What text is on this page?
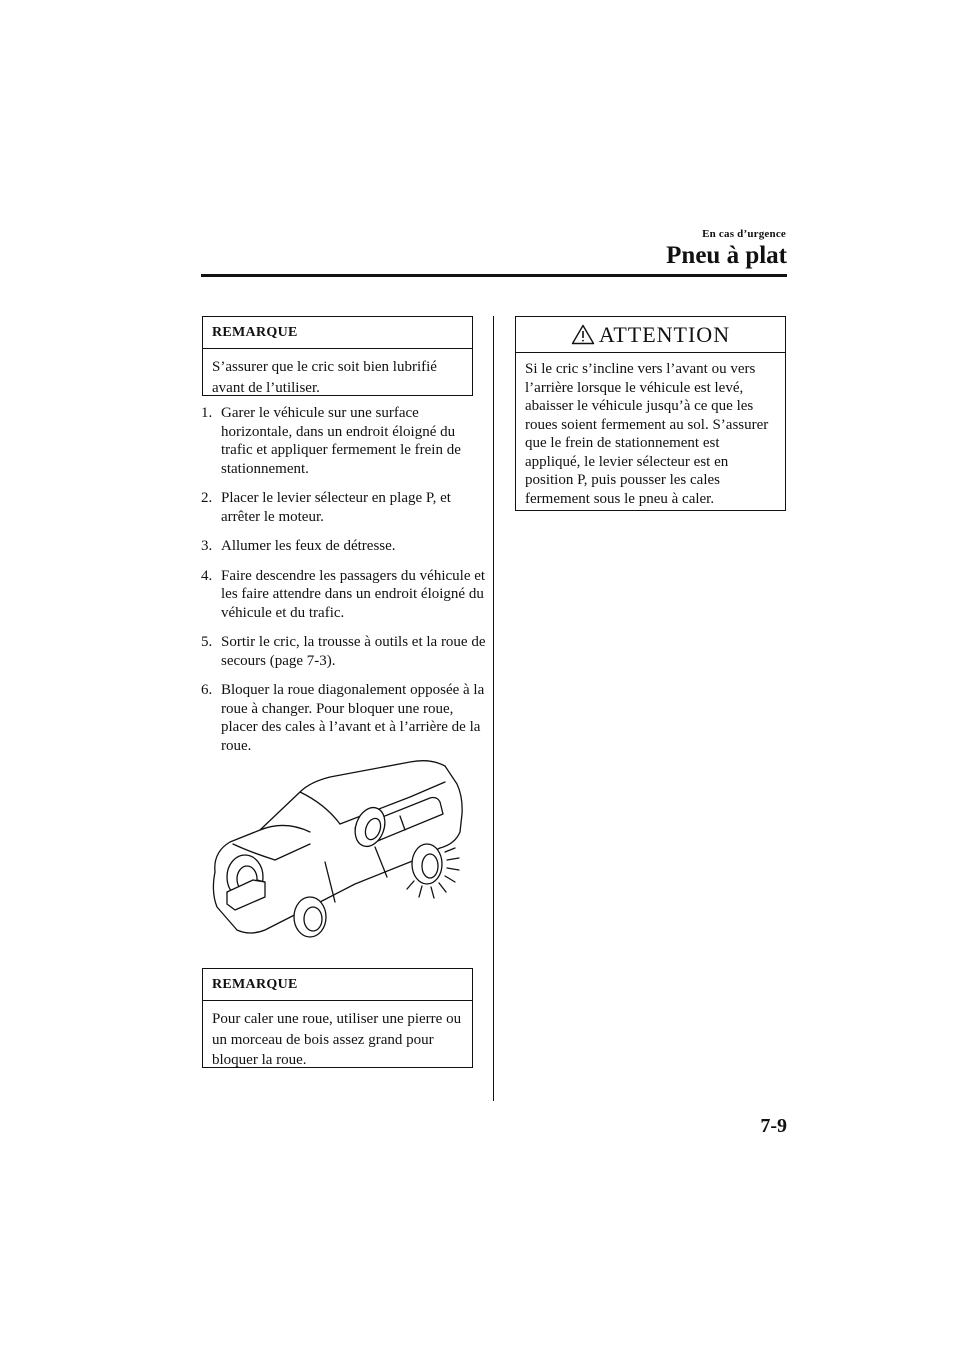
En cas d’urgence
Pneu à plat
REMARQUE
S’assurer que le cric soit bien lubrifié avant de l’utiliser.
1. Garer le véhicule sur une surface horizontale, dans un endroit éloigné du trafic et appliquer fermement le frein de stationnement.
2. Placer le levier sélecteur en plage P, et arrêter le moteur.
3. Allumer les feux de détresse.
4. Faire descendre les passagers du véhicule et les faire attendre dans un endroit éloigné du véhicule et du trafic.
5. Sortir le cric, la trousse à outils et la roue de secours (page 7-3).
6. Bloquer la roue diagonalement opposée à la roue à changer. Pour bloquer une roue, placer des cales à l’avant et à l’arrière de la roue.
REMARQUE
Pour caler une roue, utiliser une pierre ou un morceau de bois assez grand pour bloquer la roue.
ATTENTION
Si le cric s’incline vers l’avant ou vers l’arrière lorsque le véhicule est levé, abaisser le véhicule jusqu’à ce que les roues soient fermement au sol. S’assurer que le frein de stationnement est appliqué, le levier sélecteur est en position P, puis pousser les cales fermement sous le pneu à caler.
7-9
